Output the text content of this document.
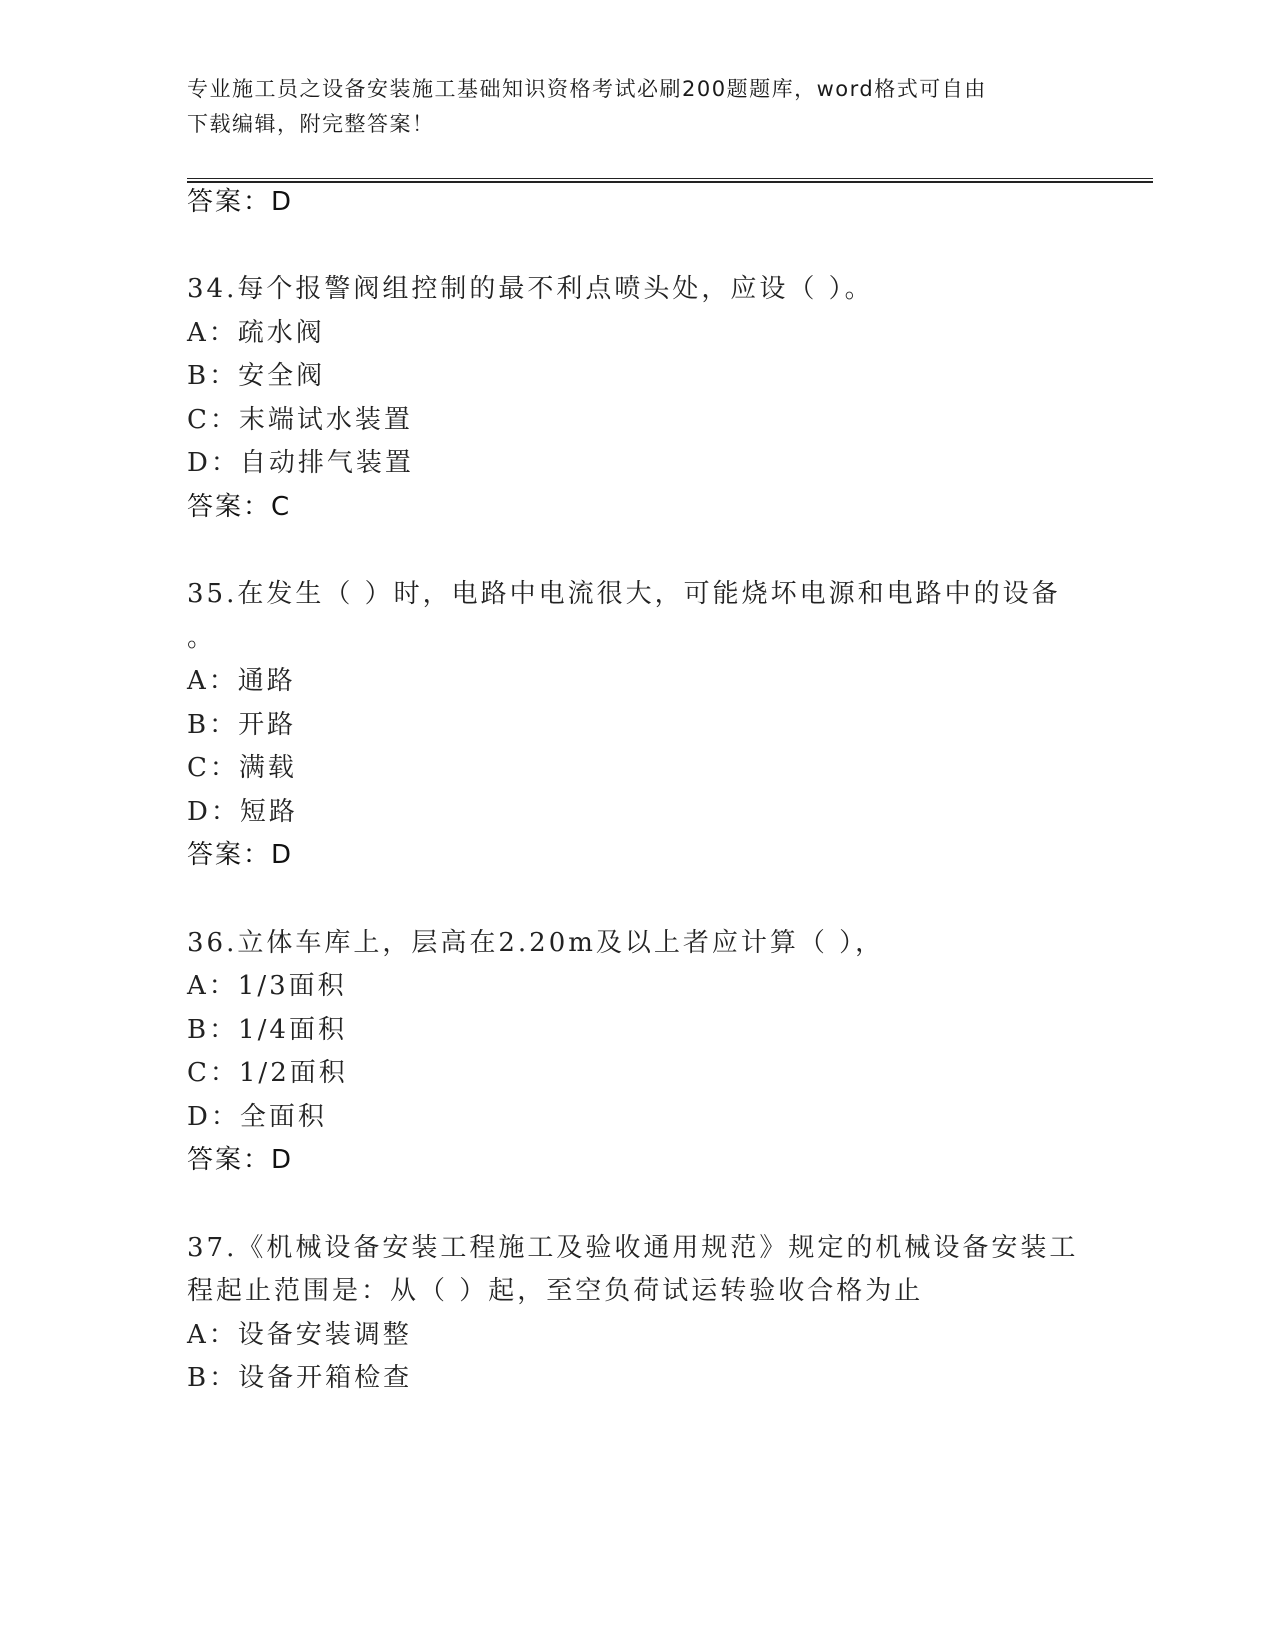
专业施工员之设备安装施工基础知识资格考试必刷200题题库，word格式可自由
下载编辑，附完整答案！
答案：D
34.每个报警阀组控制的最不利点喷头处，应设（ ）。
A：疏水阀
B：安全阀
C：末端试水装置
D：自动排气装置
答案：C
35.在发生（ ）时，电路中电流很大，可能烧坏电源和电路中的设备
。
A：通路
B：开路
C：满载
D：短路
答案：D
36.立体车库上，层高在2.20m及以上者应计算（ ），
A：1/3面积
B：1/4面积
C：1/2面积
D：全面积
答案：D
37.《机械设备安装工程施工及验收通用规范》规定的机械设备安装工
程起止范围是：从（ ）起，至空负荷试运转验收合格为止
A：设备安装调整
B：设备开箱检查
